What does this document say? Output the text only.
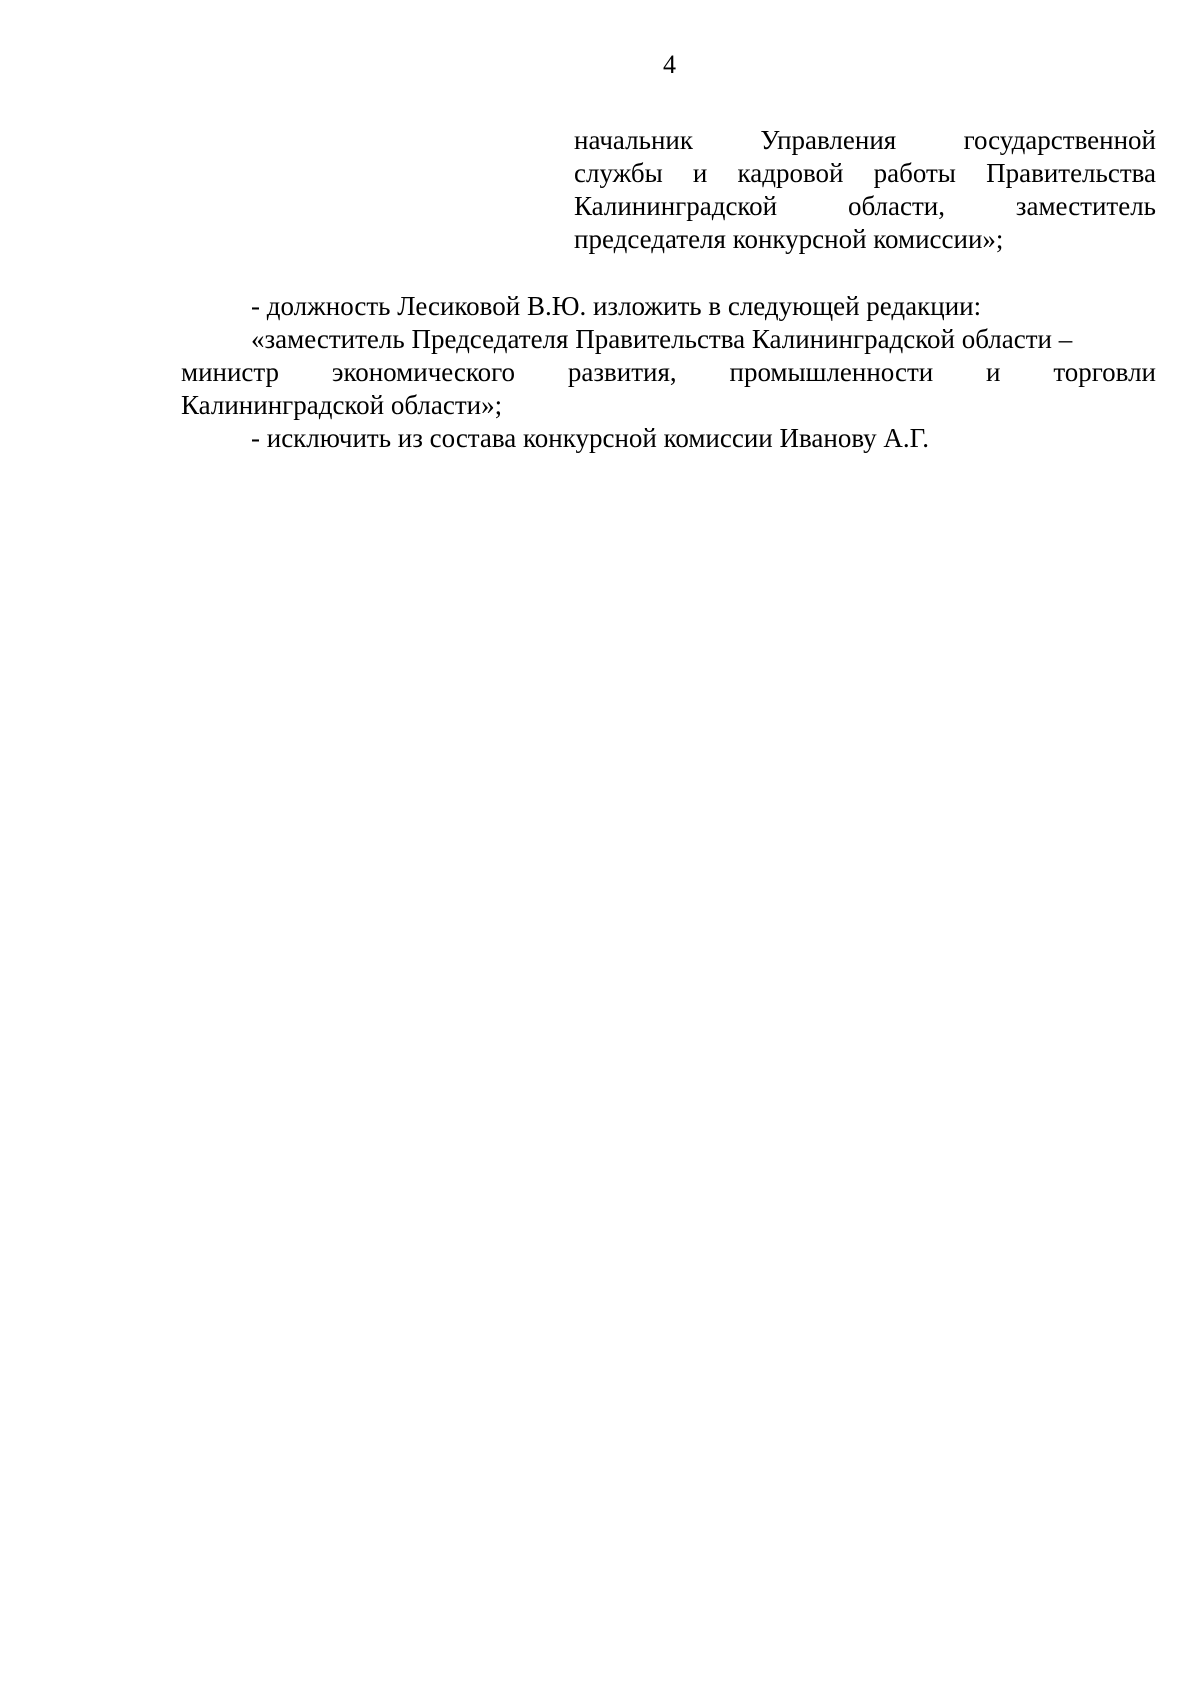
4
начальник Управления государственной
службы и кадровой работы Правительства
Калининградской области, заместитель
председателя конкурсной комиссии»;
- должность Лесиковой В.Ю. изложить в следующей редакции:
«заместитель Председателя Правительства Калининградской области –
министр экономического развития, промышленности и торговли
Калининградской области»;
- исключить из состава конкурсной комиссии Иванову А.Г.
